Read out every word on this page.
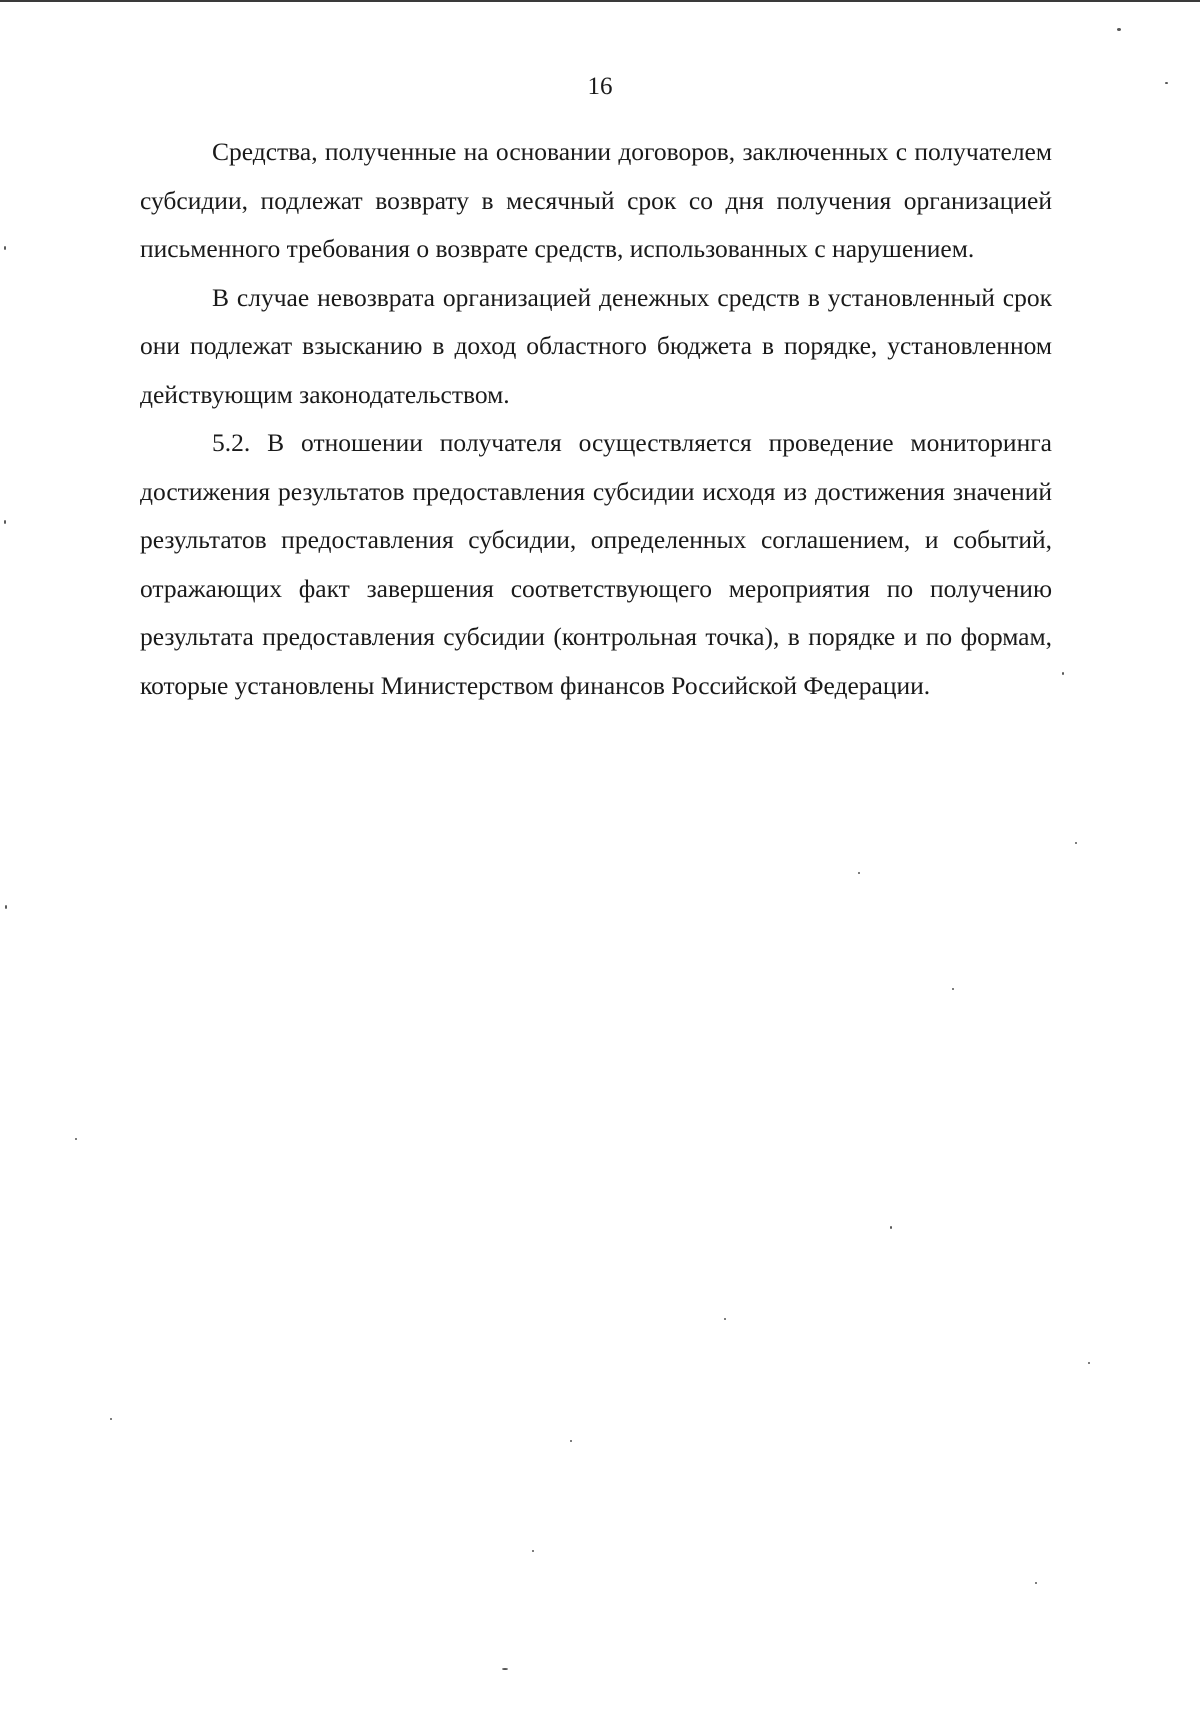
16

Средства, полученные на основании договоров, заключенных с получателем субсидии, подлежат возврату в месячный срок со дня получения организацией письменного требования о возврате средств, использованных с нарушением.

В случае невозврата организацией денежных средств в установленный срок они подлежат взысканию в доход областного бюджета в порядке, установленном действующим законодательством.

5.2. В отношении получателя осуществляется проведение мониторинга достижения результатов предоставления субсидии исходя из достижения значений результатов предоставления субсидии, определенных соглашением, и событий, отражающих факт завершения соответствующего мероприятия по получению результата предоставления субсидии (контрольная точка), в порядке и по формам, которые установлены Министерством финансов Российской Федерации.
